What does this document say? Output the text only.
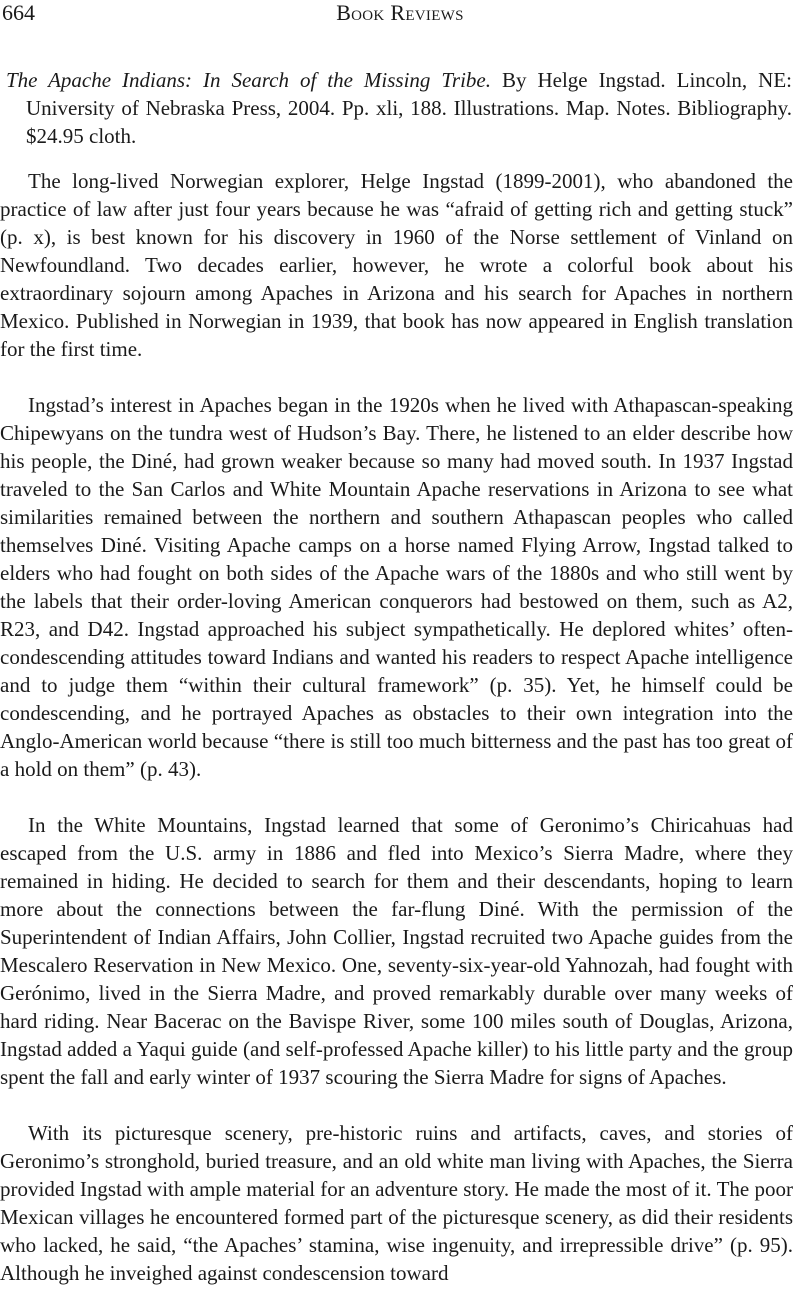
664	Book Reviews
The Apache Indians: In Search of the Missing Tribe. By Helge Ingstad. Lincoln, NE: University of Nebraska Press, 2004. Pp. xli, 188. Illustrations. Map. Notes. Bibliography. $24.95 cloth.

The long-lived Norwegian explorer, Helge Ingstad (1899-2001), who abandoned the practice of law after just four years because he was “afraid of getting rich and getting stuck” (p. x), is best known for his discovery in 1960 of the Norse settlement of Vinland on Newfoundland. Two decades earlier, however, he wrote a colorful book about his extraordinary sojourn among Apaches in Arizona and his search for Apaches in northern Mexico. Published in Norwegian in 1939, that book has now appeared in English translation for the first time.

Ingstad’s interest in Apaches began in the 1920s when he lived with Athapascan-speaking Chipewyans on the tundra west of Hudson’s Bay. There, he listened to an elder describe how his people, the Diné, had grown weaker because so many had moved south. In 1937 Ingstad traveled to the San Carlos and White Mountain Apache reservations in Arizona to see what similarities remained between the northern and southern Athapascan peoples who called themselves Diné. Visiting Apache camps on a horse named Flying Arrow, Ingstad talked to elders who had fought on both sides of the Apache wars of the 1880s and who still went by the labels that their order-loving American conquerors had bestowed on them, such as A2, R23, and D42. Ingstad approached his subject sympathetically. He deplored whites’ often-condescending attitudes toward Indians and wanted his readers to respect Apache intelligence and to judge them “within their cultural framework” (p. 35). Yet, he himself could be condescending, and he portrayed Apaches as obstacles to their own integration into the Anglo-American world because “there is still too much bitterness and the past has too great of a hold on them” (p. 43).

In the White Mountains, Ingstad learned that some of Geronimo’s Chiricahuas had escaped from the U.S. army in 1886 and fled into Mexico’s Sierra Madre, where they remained in hiding. He decided to search for them and their descendants, hoping to learn more about the connections between the far-flung Diné. With the permission of the Superintendent of Indian Affairs, John Collier, Ingstad recruited two Apache guides from the Mescalero Reservation in New Mexico. One, seventy-six-year-old Yahnozah, had fought with Gerónimo, lived in the Sierra Madre, and proved remarkably durable over many weeks of hard riding. Near Bacerac on the Bavispe River, some 100 miles south of Douglas, Arizona, Ingstad added a Yaqui guide (and self-professed Apache killer) to his little party and the group spent the fall and early winter of 1937 scouring the Sierra Madre for signs of Apaches.

With its picturesque scenery, pre-historic ruins and artifacts, caves, and stories of Geronimo’s stronghold, buried treasure, and an old white man living with Apaches, the Sierra provided Ingstad with ample material for an adventure story. He made the most of it. The poor Mexican villages he encountered formed part of the picturesque scenery, as did their residents who lacked, he said, “the Apaches’ stamina, wise ingenuity, and irrepressible drive” (p. 95). Although he inveighed against condescension toward
